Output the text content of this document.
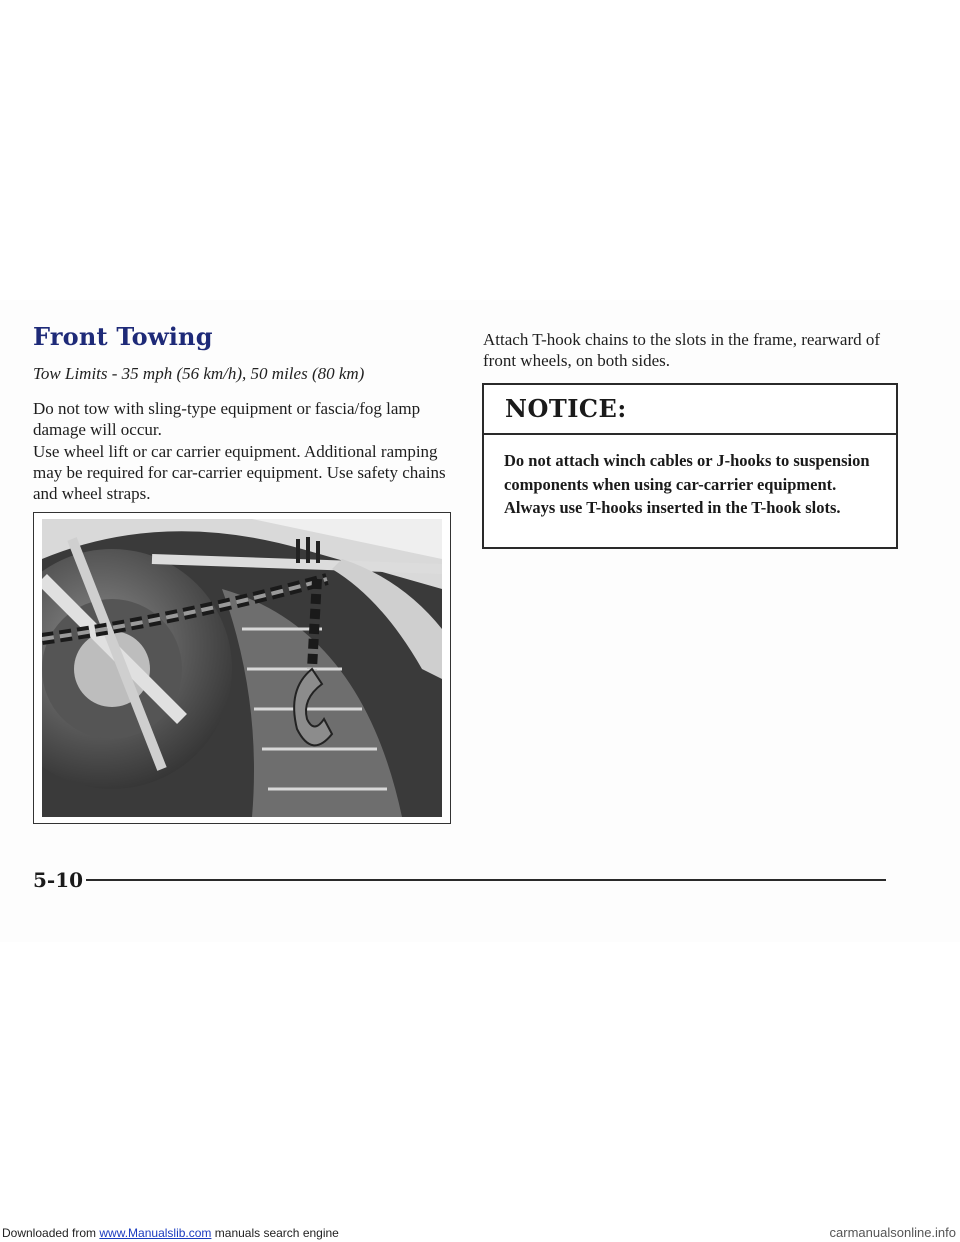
Front Towing

Tow Limits - 35 mph (56 km/h), 50 miles (80 km)

Do not tow with sling-type equipment or fascia/fog lamp damage will occur.

Use wheel lift or car carrier equipment. Additional ramping may be required for car-carrier equipment. Use safety chains and wheel straps.

Attach T-hook chains to the slots in the frame, rearward of front wheels, on both sides.

NOTICE:
Do not attach winch cables or J-hooks to suspension components when using car-carrier equipment. Always use T-hooks inserted in the T-hook slots.

5-10

Downloaded from www.Manualslib.com manuals search engine	carmanualsonline.info
